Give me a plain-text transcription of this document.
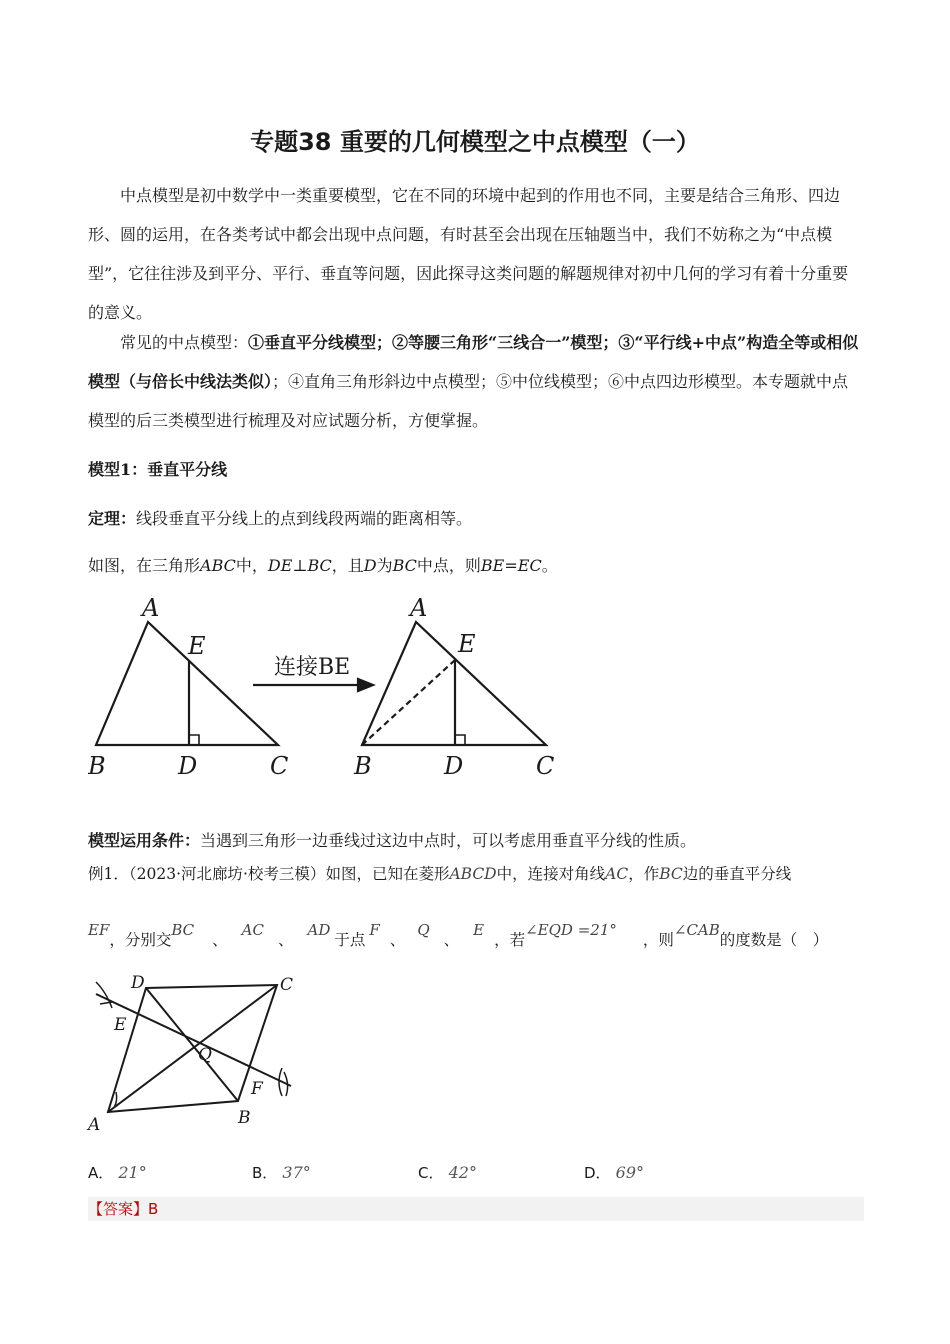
专题38 重要的几何模型之中点模型（一）
中点模型是初中数学中一类重要模型，它在不同的环境中起到的作用也不同，主要是结合三角形、四边形、圆的运用，在各类考试中都会出现中点问题，有时甚至会出现在压轴题当中，我们不妨称之为“中点模型”，它往往涉及到平分、平行、垂直等问题，因此探寻这类问题的解题规律对初中几何的学习有着十分重要的意义。
常见的中点模型：①垂直平分线模型；②等腰三角形“三线合一”模型；③“平行线+中点”构造全等或相似模型（与倍长中线法类似）；④直角三角形斜边中点模型；⑤中位线模型；⑥中点四边形模型。本专题就中点模型的后三类模型进行梳理及对应试题分析，方便掌握。
模型1：垂直平分线
定理：线段垂直平分线上的点到线段两端的距离相等。
如图，在三角形ABC中，DE⊥BC，且D为BC中点，则BE=EC。
A
E
B	D	C
A
E
B	D	C
连接BE
模型运用条件：当遇到三角形一边垂线过这边中点时，可以考虑用垂直平分线的性质。
例1．（2023·河北廊坊·校考三模）如图，已知在菱形ABCD中，连接对角线AC，作BC边的垂直平分线
EF，分别交BC、AC、AD于点F、Q、E，若∠EQD =21°，则∠CAB的度数是（　）
A	B
C
D
E
F
Q
A． 21°	B． 37°	C． 42°	D． 69°
【答案】B
